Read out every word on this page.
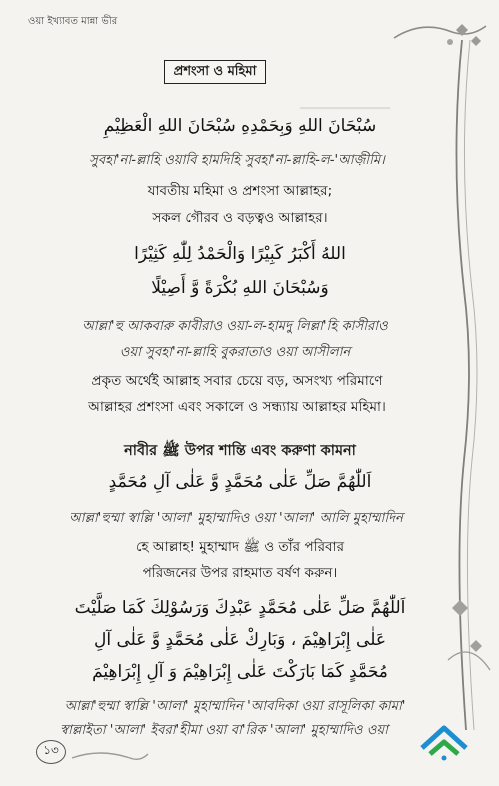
ওয়া ইখ্যাবত মান্না ভীর
▁▁▁▁▁▁▁▁▁
প্রশংসা ও মহিমা
سُبْحَانَ اللهِ وَبِحَمْدِهِ سُبْحَانَ اللهِ الْعَظِيْمِ
সুবহা'না-ল্লাহি ওয়াবি হামদিহি সুবহা'না-ল্লাহি-ল-'আজ়ীমি।
যাবতীয় মহিমা ও প্রশংসা আল্লাহর;
সকল গৌরব ও বড়ত্বও আল্লাহর।
اللهُ أَكْبَرُ كَبِيْرًا وَالْحَمْدُ لِلّٰهِ كَثِيْرًا
وَسُبْحَانَ اللهِ بُكْرَةً وَّ أَصِيْلًا
আল্লা'হু আকবারু কাবীরাও ওয়া-ল-হামদু লিল্লা'হি কাসীরাও
ওয়া সুবহা'না-ল্লাহি বুকরাতাও ওয়া আসীলান
প্রকৃত অর্থেই আল্লাহ সবার চেয়ে বড়, অসংখ্য পরিমাণে
আল্লাহর প্রশংসা এবং সকালে ও সন্ধ্যায় আল্লাহর মহিমা।
নাবীর ﷺ উপর শান্তি এবং করুণা কামনা
اَللّٰهُمَّ صَلِّ عَلٰى مُحَمَّدٍ وَّ عَلٰى آلِ مُحَمَّدٍ
আল্লা'হুম্মা স্বাল্লি 'আলা' মুহাম্মাদিও ওয়া 'আলা' আলি মুহাম্মাদিন
হে আল্লাহ! মুহাম্মাদ ﷺ ও তাঁর পরিবার
পরিজনের উপর রাহমাত বর্ষণ করুন।
اَللّٰهُمَّ صَلِّ عَلٰى مُحَمَّدٍ عَبْدِكَ وَرَسُوْلِكَ كَمَا صَلَّيْتَ
عَلٰى إِبْرَاهِيْمَ ، وَبَارِكْ عَلٰى مُحَمَّدٍ وَّ عَلٰى آلِ
مُحَمَّدٍ كَمَا بَارَكْتَ عَلٰى إِبْرَاهِيْمَ وَ آلِ إِبْرَاهِيْمَ
আল্লা'হুম্মা স্বাল্লি 'আলা' মুহাম্মাদিন 'আবদিকা ওয়া রাসূলিকা কামা'
স্বাল্লাইতা 'আলা' ইবরা'হীমা ওয়া বা'রিক 'আলা' মুহাম্মাদিও ওয়া
১৩
